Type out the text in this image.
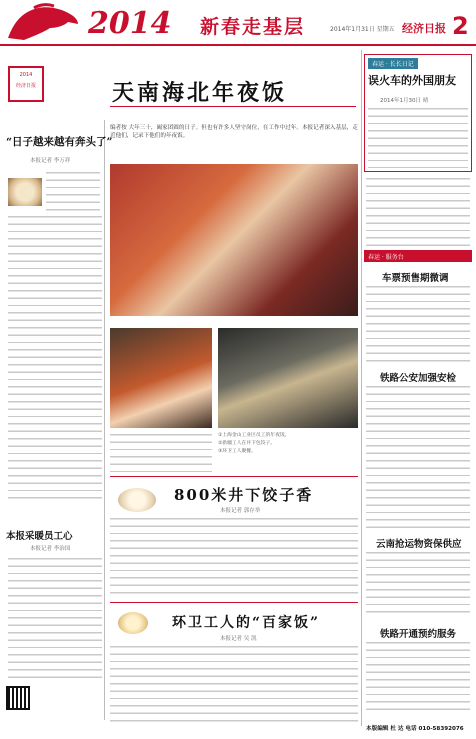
2014 新春走基层	2014年1月31日 星期五 经济日报 2
2014
经济日报	天南海北年夜饭
编者按 大年三十，阖家团圆的日子。但也有许多人坚守岗位，在工作中过年。本报记者深入基层，走近他们，记录下他们的年夜饭。
“日子越来越有奔头了”
本报记者 李万祥
本报采暖员工心
本报记者 李治国
①上海金山工业区员工的年夜饭。
②新疆工人在井下包饺子。
③环卫工人聚餐。
800米井下饺子香
本报记者 郭存举
环卫工人的“百家饭”
本报记者 吴 凯
春运 · 长长日记
误火车的外国朋友
2014年1月30日 晴
春运 · 服务台
车票预售期微调
铁路公安加强安检
云南抢运物资保供应
铁路开通预约服务
本版编辑 杜 达 电话 010-58392076
